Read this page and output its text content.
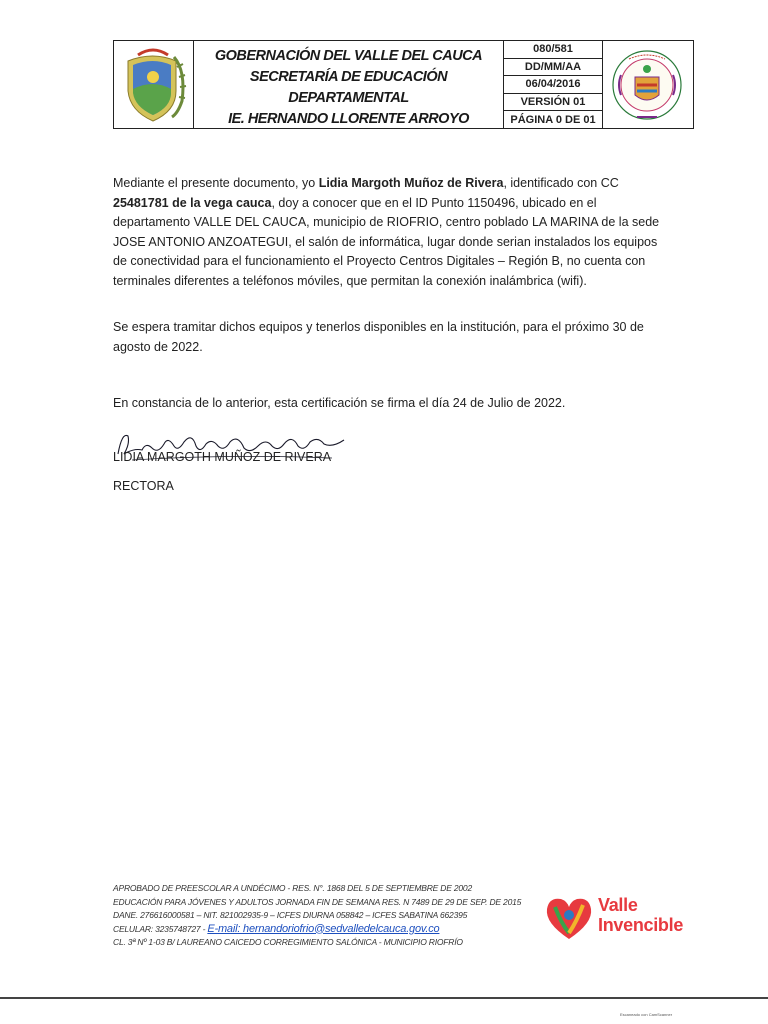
GOBERNACIÓN DEL VALLE DEL CAUCA
SECRETARÍA DE EDUCACIÓN DEPARTAMENTAL
IE. HERNANDO LLORENTE ARROYO
080/581
DD/MM/AA
06/04/2016
VERSIÓN 01
PÁGINA 0 DE 01
Mediante el presente documento, yo Lidia Margoth Muñoz de Rivera, identificado con CC 25481781 de la vega cauca, doy a conocer que en el ID Punto 1150496, ubicado en el departamento VALLE DEL CAUCA, municipio de RIOFRIO, centro poblado LA MARINA de la sede JOSE ANTONIO ANZOATEGUI, el salón de informática, lugar donde serian instalados los equipos de conectividad para el funcionamiento el Proyecto Centros Digitales – Región B, no cuenta con terminales diferentes a teléfonos móviles, que permitan la conexión inalámbrica (wifi).
Se espera tramitar dichos equipos y tenerlos disponibles en la institución, para el próximo 30 de agosto de 2022.
En constancia de lo anterior, esta certificación se firma el día 24 de Julio de 2022.
LIDIA MARGOTH MUÑOZ DE RIVERA
RECTORA
APROBADO DE PREESCOLAR A UNDÉCIMO - RES. N°. 1868 DEL 5 DE SEPTIEMBRE DE 2002
EDUCACIÓN PARA JÓVENES Y ADULTOS JORNADA FIN DE SEMANA RES. N 7489 DE 29 DE SEP. DE 2015
DANE. 276616000581 – NIT. 821002935-9 – ICFES DIURNA 058842 – ICFES SABATINA 662395
CELULAR: 3235748727 - E-mail: hernandoriofrio@sedvalledelcauca.gov.co
CL. 3ª Nº 1-03 B/ LAUREANO CAICEDO CORREGIMIENTO SALÓNICA - MUNICIPIO RIOFRÍO
Valle
Invencible
Escaneado con CamScanner
